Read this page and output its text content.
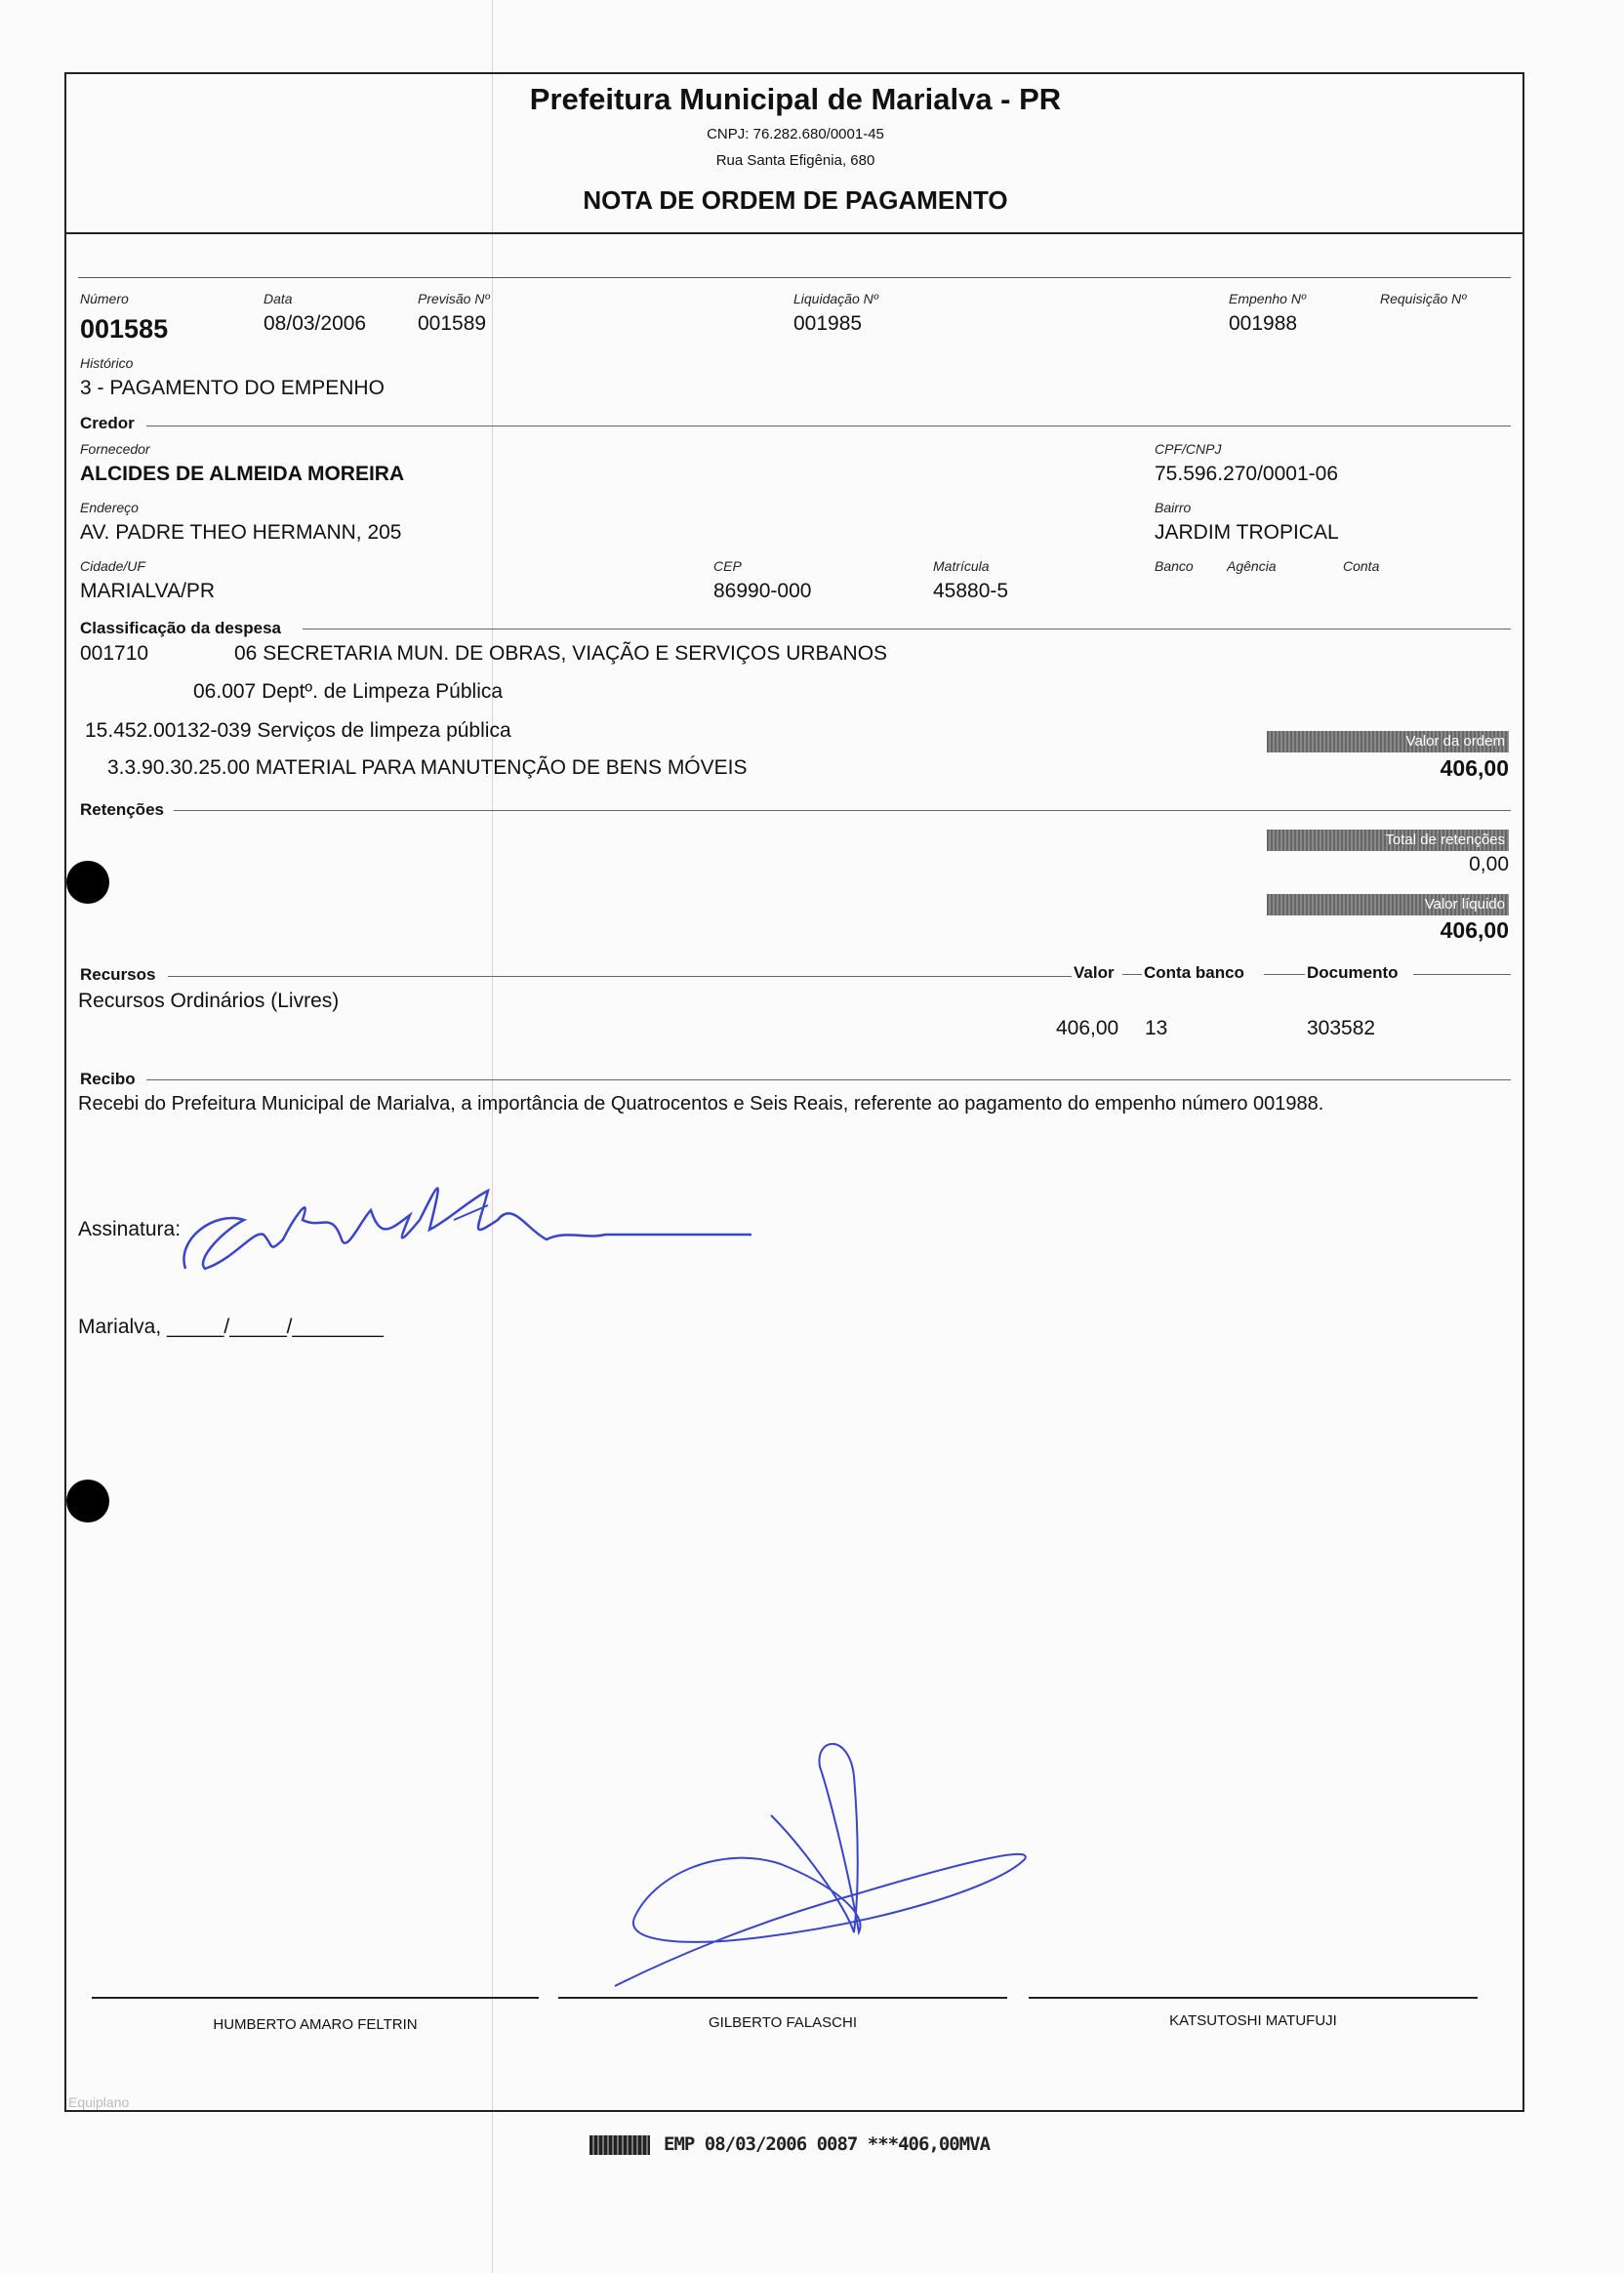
Prefeitura Municipal de Marialva - PR
CNPJ: 76.282.680/0001-45
Rua Santa Efigênia, 680
NOTA DE ORDEM DE PAGAMENTO
Número
001585
Data
08/03/2006
Previsão Nº
001589
Liquidação Nº
001985
Empenho Nº
001988
Requisição Nº
Histórico
3 - PAGAMENTO DO EMPENHO
Credor
Fornecedor
ALCIDES DE ALMEIDA MOREIRA
CPF/CNPJ
75.596.270/0001-06
Endereço
AV. PADRE THEO HERMANN, 205
Bairro
JARDIM TROPICAL
Cidade/UF
MARIALVA/PR
CEP
86990-000
Matrícula
45880-5
Banco Agência	Conta
Classificação da despesa
001710	06 SECRETARIA MUN. DE OBRAS, VIAÇÃO E SERVIÇOS URBANOS
06.007 Deptº. de Limpeza Pública
15.452.00132-039 Serviços de limpeza pública
3.3.90.30.25.00 MATERIAL PARA MANUTENÇÃO DE BENS MÓVEIS
Valor da ordem
406,00
Retenções
Total de retenções
0,00
Valor líquido
406,00
Recursos	Valor Conta banco	Documento
Recursos Ordinários (Livres)
406,00 13	303582
Recibo
Recebi do Prefeitura Municipal de Marialva, a importância de Quatrocentos e Seis Reais, referente ao pagamento do empenho número 001988.
Assinatura:
Marialva, _____/_____/________
HUMBERTO AMARO FELTRIN	GILBERTO FALASCHI	KATSUTOSHI MATUFUJI
Equiplano
EMP 08/03/2006 0087 ***406,00MVA
